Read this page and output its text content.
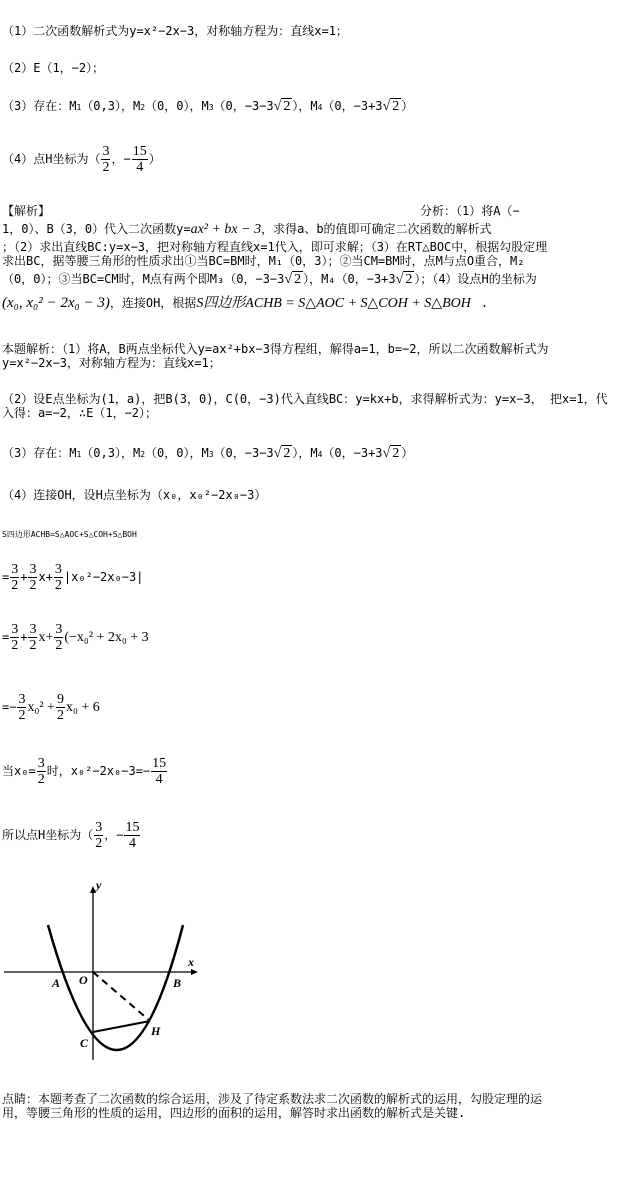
（1）二次函数解析式为y=x²−2x−3，对称轴方程为：直线x=1；
（2）E（1，−2）；
（3）存在：M1（0,3），M2（0，0），M3（0，−3−3√ 2 ），M4（0，−3+3√ 2 ）
（4）点H坐标为（ $\frac{3}{2}$ ，− $\frac{15}{4}$ ）
【解析】	分析：（1）将A（−
1，0）、B（3，0）代入二次函数y=ax² + bx − 3，求得a、b的值即可确定二次函数的解析式
；（2）求出直线BC:y=x−3，把对称轴方程直线x=1代入，即可求解；（3）在RT△BOC中，根据勾股定理
求出BC，据等腰三角形的性质求出①当BC=BM时，M₁（0，3）；②当CM=BM时，点M与点O重合，M₂
（0，0）；③当BC=CM时，M点有两个即M₃（0，−3−3√ 2 ），M₄（0，−3+3√ 2 ）；（4）设点H的坐标为
(x₀, x₀² − 2x₀ − 3)，连接OH，根据S四边形ACHB = S△AOC + S△COH + S△BOH .
本题解析：（1）将A，B两点坐标代入y=ax²+bx−3得方程组，解得a=1，b=−2，所以二次函数解析式为
y=x²−2x−3，对称轴方程为：直线x=1；
（2）设E点坐标为(1，a)，把B(3，0)，C(0，−3)代入直线BC：y=kx+b，求得解析式为：y=x−3， 把x=1，代
入得：a=−2，∴E（1，−2）；
（3）存在：M1（0,3），M2（0，0），M3（0，−3−3√ 2 ），M4（0，−3+3√ 2 ）
（4）连接OH，设H点坐标为（x₀，x₀²−2x₀−3）
S四边形ACHB=S△AOC+S△COH+S△BOH
= $\frac{3}{2} + \frac{3}{2} x+ \frac{3}{2} |x_0^2-2x_0-3|$
= $\frac{3}{2} + \frac{3}{2} x+ \frac{3}{2} (-x_0^2 + 2x_0 + 3$
=− $\frac{3}{2} x_0^2 + \frac{9}{2} x_0 + 6$
当$x_0= \frac{3}{2}$ 时，$x_0^2-2x_0-3=- \frac{15}{4}$
所以点H坐标为（ $\frac{3}{2}$ ，− $\frac{15}{4}$
y
x
A O	B
C
H
点睛：本题考查了二次函数的综合运用，涉及了待定系数法求二次函数的解析式的运用，勾股定理的运
用，等腰三角形的性质的运用，四边形的面积的运用，解答时求出函数的解析式是关键.
